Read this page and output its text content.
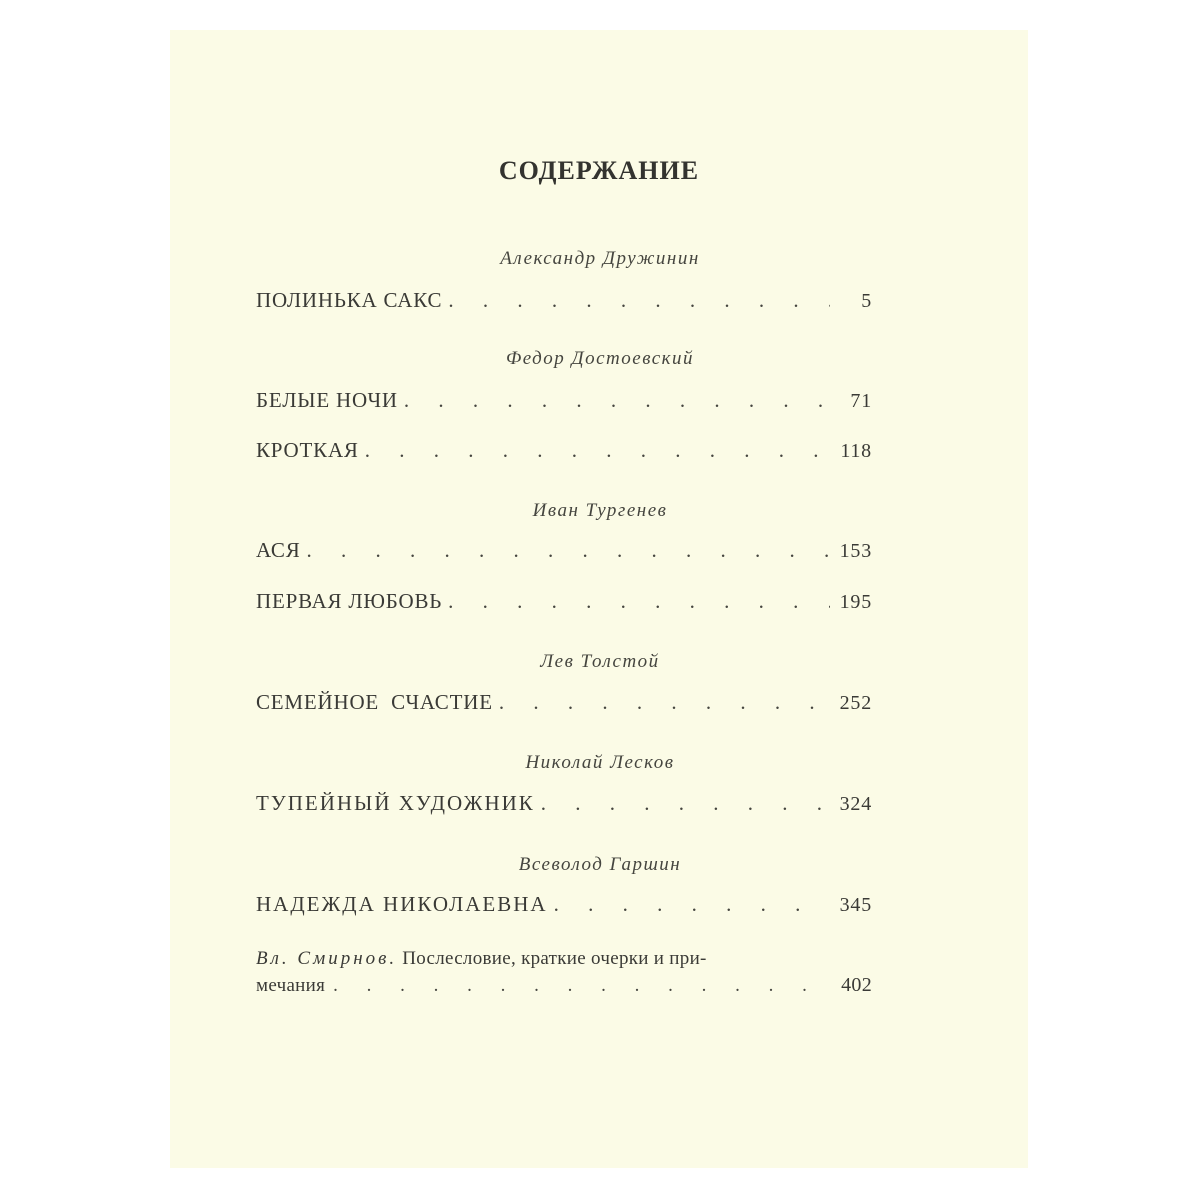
СОДЕРЖАНИЕ
Александр Дружинин
ПОЛИНЬКА САКС . . .	5
Федор Достоевский
БЕЛЫЕ НОЧИ . . .	71
КРОТКАЯ . . .	118
Иван Тургенев
АСЯ . . .	153
ПЕРВАЯ ЛЮБОВЬ . . .	195
Лев Толстой
СЕМЕЙНОЕ  СЧАСТИЕ . . .	252
Николай Лесков
ТУПЕЙНЫЙ ХУДОЖНИК . . .	324
Всеволод Гаршин
НАДЕЖДА НИКОЛАЕВНА . . .	345
Вл. Смирнов. Послесловие, краткие очерки и при-
мечания . . .	402
